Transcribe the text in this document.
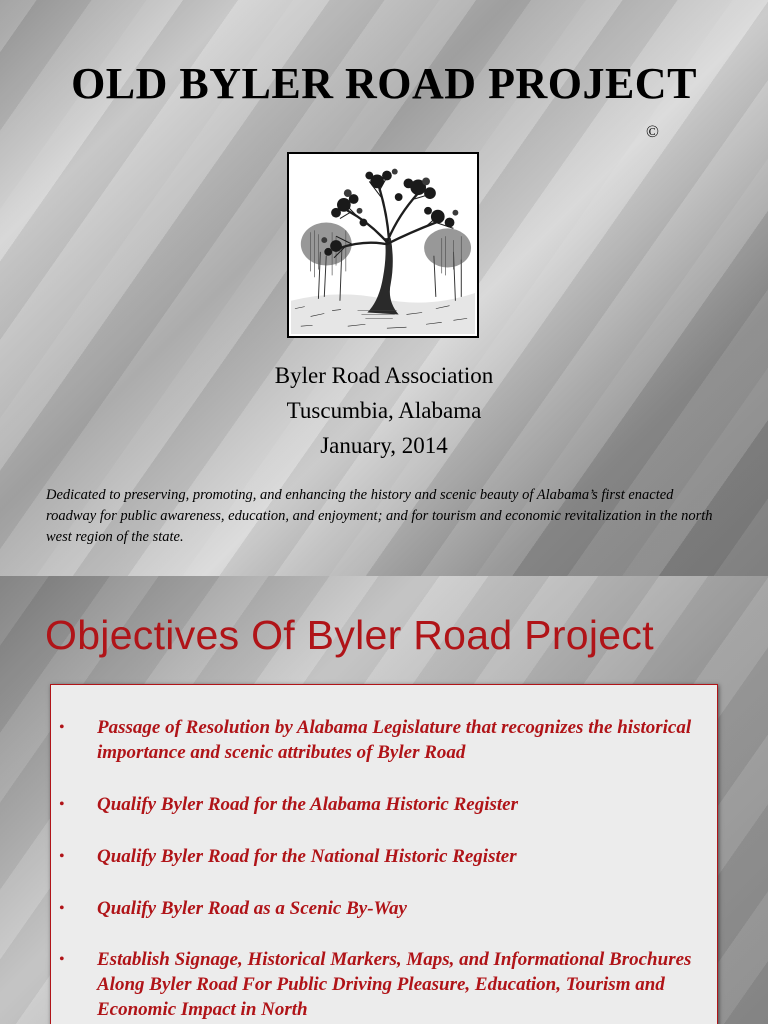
OLD BYLER ROAD PROJECT
©
Byler Road Association
Tuscumbia, Alabama
January, 2014

Dedicated to preserving, promoting, and enhancing the history and scenic beauty of Alabama’s first enacted roadway for public awareness, education, and enjoyment; and for tourism and economic revitalization in the north west region of the state.

Objectives Of Byler Road Project
• Passage of Resolution by Alabama Legislature that recognizes the historical importance and scenic attributes of Byler Road
• Qualify Byler Road for the Alabama Historic Register
• Qualify Byler Road for the National Historic Register
• Qualify Byler Road as a Scenic By-Way
• Establish Signage, Historical Markers, Maps, and Informational Brochures Along Byler Road For Public Driving Pleasure, Education, Tourism and Economic Impact in North
